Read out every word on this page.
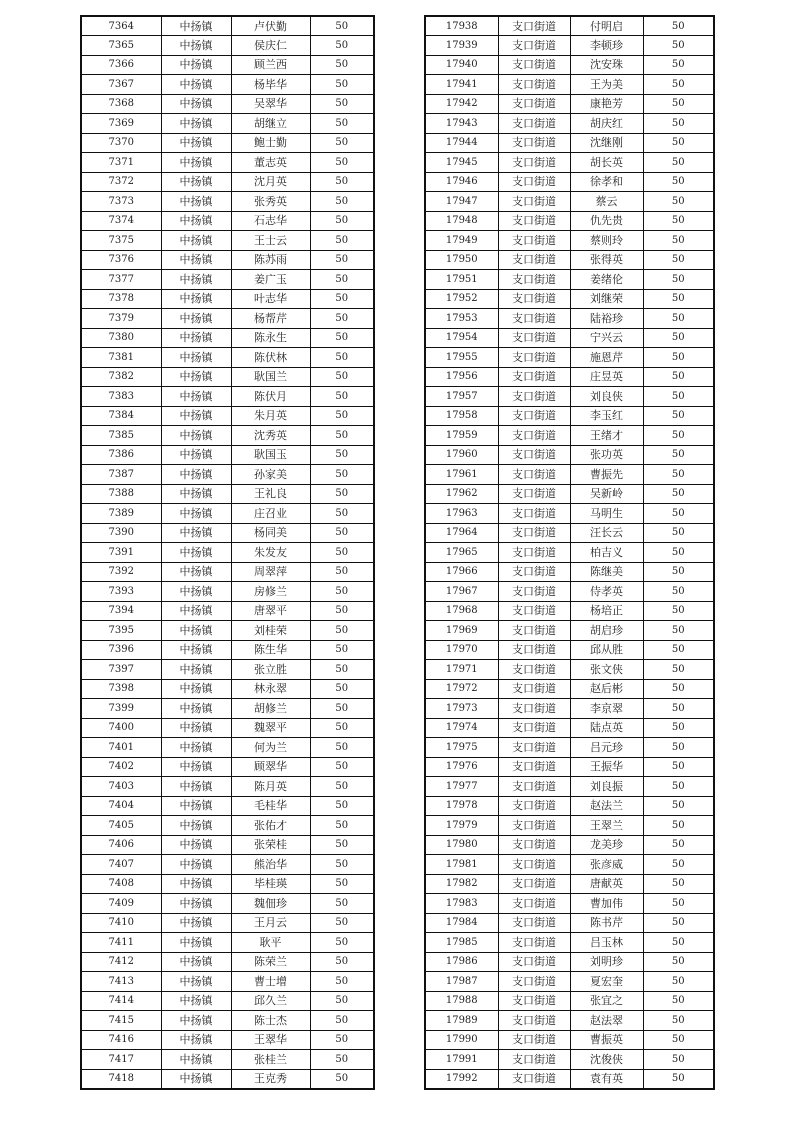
7364	中扬镇	卢伏勤	50
7365	中扬镇	侯庆仁	50
7366	中扬镇	顾兰西	50
7367	中扬镇	杨毕华	50
7368	中扬镇	吴翠华	50
7369	中扬镇	胡继立	50
7370	中扬镇	鲍士勤	50
7371	中扬镇	董志英	50
7372	中扬镇	沈月英	50
7373	中扬镇	张秀英	50
7374	中扬镇	石志华	50
7375	中扬镇	王士云	50
7376	中扬镇	陈苏雨	50
7377	中扬镇	姜广玉	50
7378	中扬镇	叶志华	50
7379	中扬镇	杨帮芹	50
7380	中扬镇	陈永生	50
7381	中扬镇	陈伏林	50
7382	中扬镇	耿国兰	50
7383	中扬镇	陈伏月	50
7384	中扬镇	朱月英	50
7385	中扬镇	沈秀英	50
7386	中扬镇	耿国玉	50
7387	中扬镇	孙家美	50
7388	中扬镇	王礼良	50
7389	中扬镇	庄召业	50
7390	中扬镇	杨同美	50
7391	中扬镇	朱发友	50
7392	中扬镇	周翠萍	50
7393	中扬镇	房修兰	50
7394	中扬镇	唐翠平	50
7395	中扬镇	刘桂荣	50
7396	中扬镇	陈生华	50
7397	中扬镇	张立胜	50
7398	中扬镇	林永翠	50
7399	中扬镇	胡修兰	50
7400	中扬镇	魏翠平	50
7401	中扬镇	何为兰	50
7402	中扬镇	顾翠华	50
7403	中扬镇	陈月英	50
7404	中扬镇	毛桂华	50
7405	中扬镇	张佑才	50
7406	中扬镇	张荣桂	50
7407	中扬镇	熊治华	50
7408	中扬镇	毕桂瑛	50
7409	中扬镇	魏佃珍	50
7410	中扬镇	王月云	50
7411	中扬镇	耿平	50
7412	中扬镇	陈荣兰	50
7413	中扬镇	曹士增	50
7414	中扬镇	邱久兰	50
7415	中扬镇	陈士杰	50
7416	中扬镇	王翠华	50
7417	中扬镇	张桂兰	50
7418	中扬镇	王克秀	50
17938	支口街道	付明启	50
17939	支口街道	李顿珍	50
17940	支口街道	沈安珠	50
17941	支口街道	王为美	50
17942	支口街道	康艳芳	50
17943	支口街道	胡庆红	50
17944	支口街道	沈继刚	50
17945	支口街道	胡长英	50
17946	支口街道	徐孝和	50
17947	支口街道	蔡云	50
17948	支口街道	仇先贵	50
17949	支口街道	蔡则玲	50
17950	支口街道	张得英	50
17951	支口街道	姜绪伦	50
17952	支口街道	刘继荣	50
17953	支口街道	陆裕珍	50
17954	支口街道	宁兴云	50
17955	支口街道	施恩芹	50
17956	支口街道	庄昱英	50
17957	支口街道	刘良侠	50
17958	支口街道	李玉红	50
17959	支口街道	王绪才	50
17960	支口街道	张功英	50
17961	支口街道	曹振先	50
17962	支口街道	吴新岭	50
17963	支口街道	马明生	50
17964	支口街道	汪长云	50
17965	支口街道	柏吉义	50
17966	支口街道	陈继美	50
17967	支口街道	侍孝英	50
17968	支口街道	杨培正	50
17969	支口街道	胡启珍	50
17970	支口街道	邱从胜	50
17971	支口街道	张文侠	50
17972	支口街道	赵后彬	50
17973	支口街道	李京翠	50
17974	支口街道	陆点英	50
17975	支口街道	吕元珍	50
17976	支口街道	王振华	50
17977	支口街道	刘良振	50
17978	支口街道	赵法兰	50
17979	支口街道	王翠兰	50
17980	支口街道	龙美珍	50
17981	支口街道	张彦威	50
17982	支口街道	唐献英	50
17983	支口街道	曹加伟	50
17984	支口街道	陈书芹	50
17985	支口街道	吕玉林	50
17986	支口街道	刘明珍	50
17987	支口街道	夏宏奎	50
17988	支口街道	张宜之	50
17989	支口街道	赵法翠	50
17990	支口街道	曹振英	50
17991	支口街道	沈俊侠	50
17992	支口街道	袁有英	50
